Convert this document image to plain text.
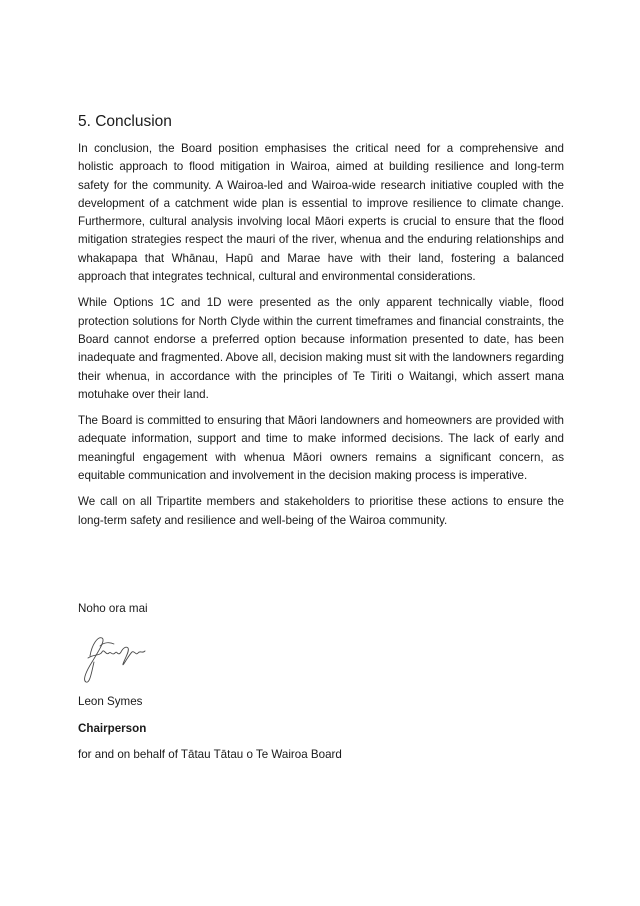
5. Conclusion

In conclusion, the Board position emphasises the critical need for a comprehensive and holistic approach to flood mitigation in Wairoa, aimed at building resilience and long-term safety for the community. A Wairoa-led and Wairoa-wide research initiative coupled with the development of a catchment wide plan is essential to improve resilience to climate change. Furthermore, cultural analysis involving local Māori experts is crucial to ensure that the flood mitigation strategies respect the mauri of the river, whenua and the enduring relationships and whakapapa that Whānau, Hapū and Marae have with their land, fostering a balanced approach that integrates technical, cultural and environmental considerations.

While Options 1C and 1D were presented as the only apparent technically viable, flood protection solutions for North Clyde within the current timeframes and financial constraints, the Board cannot endorse a preferred option because information presented to date, has been inadequate and fragmented. Above all, decision making must sit with the landowners regarding their whenua, in accordance with the principles of Te Tiriti o Waitangi, which assert mana motuhake over their land.

The Board is committed to ensuring that Māori landowners and homeowners are provided with adequate information, support and time to make informed decisions. The lack of early and meaningful engagement with whenua Māori owners remains a significant concern, as equitable communication and involvement in the decision making process is imperative.

We call on all Tripartite members and stakeholders to prioritise these actions to ensure the long-term safety and resilience and well-being of the Wairoa community.

Noho ora mai
Leon Symes
Chairperson
for and on behalf of Tātau Tātau o Te Wairoa Board
